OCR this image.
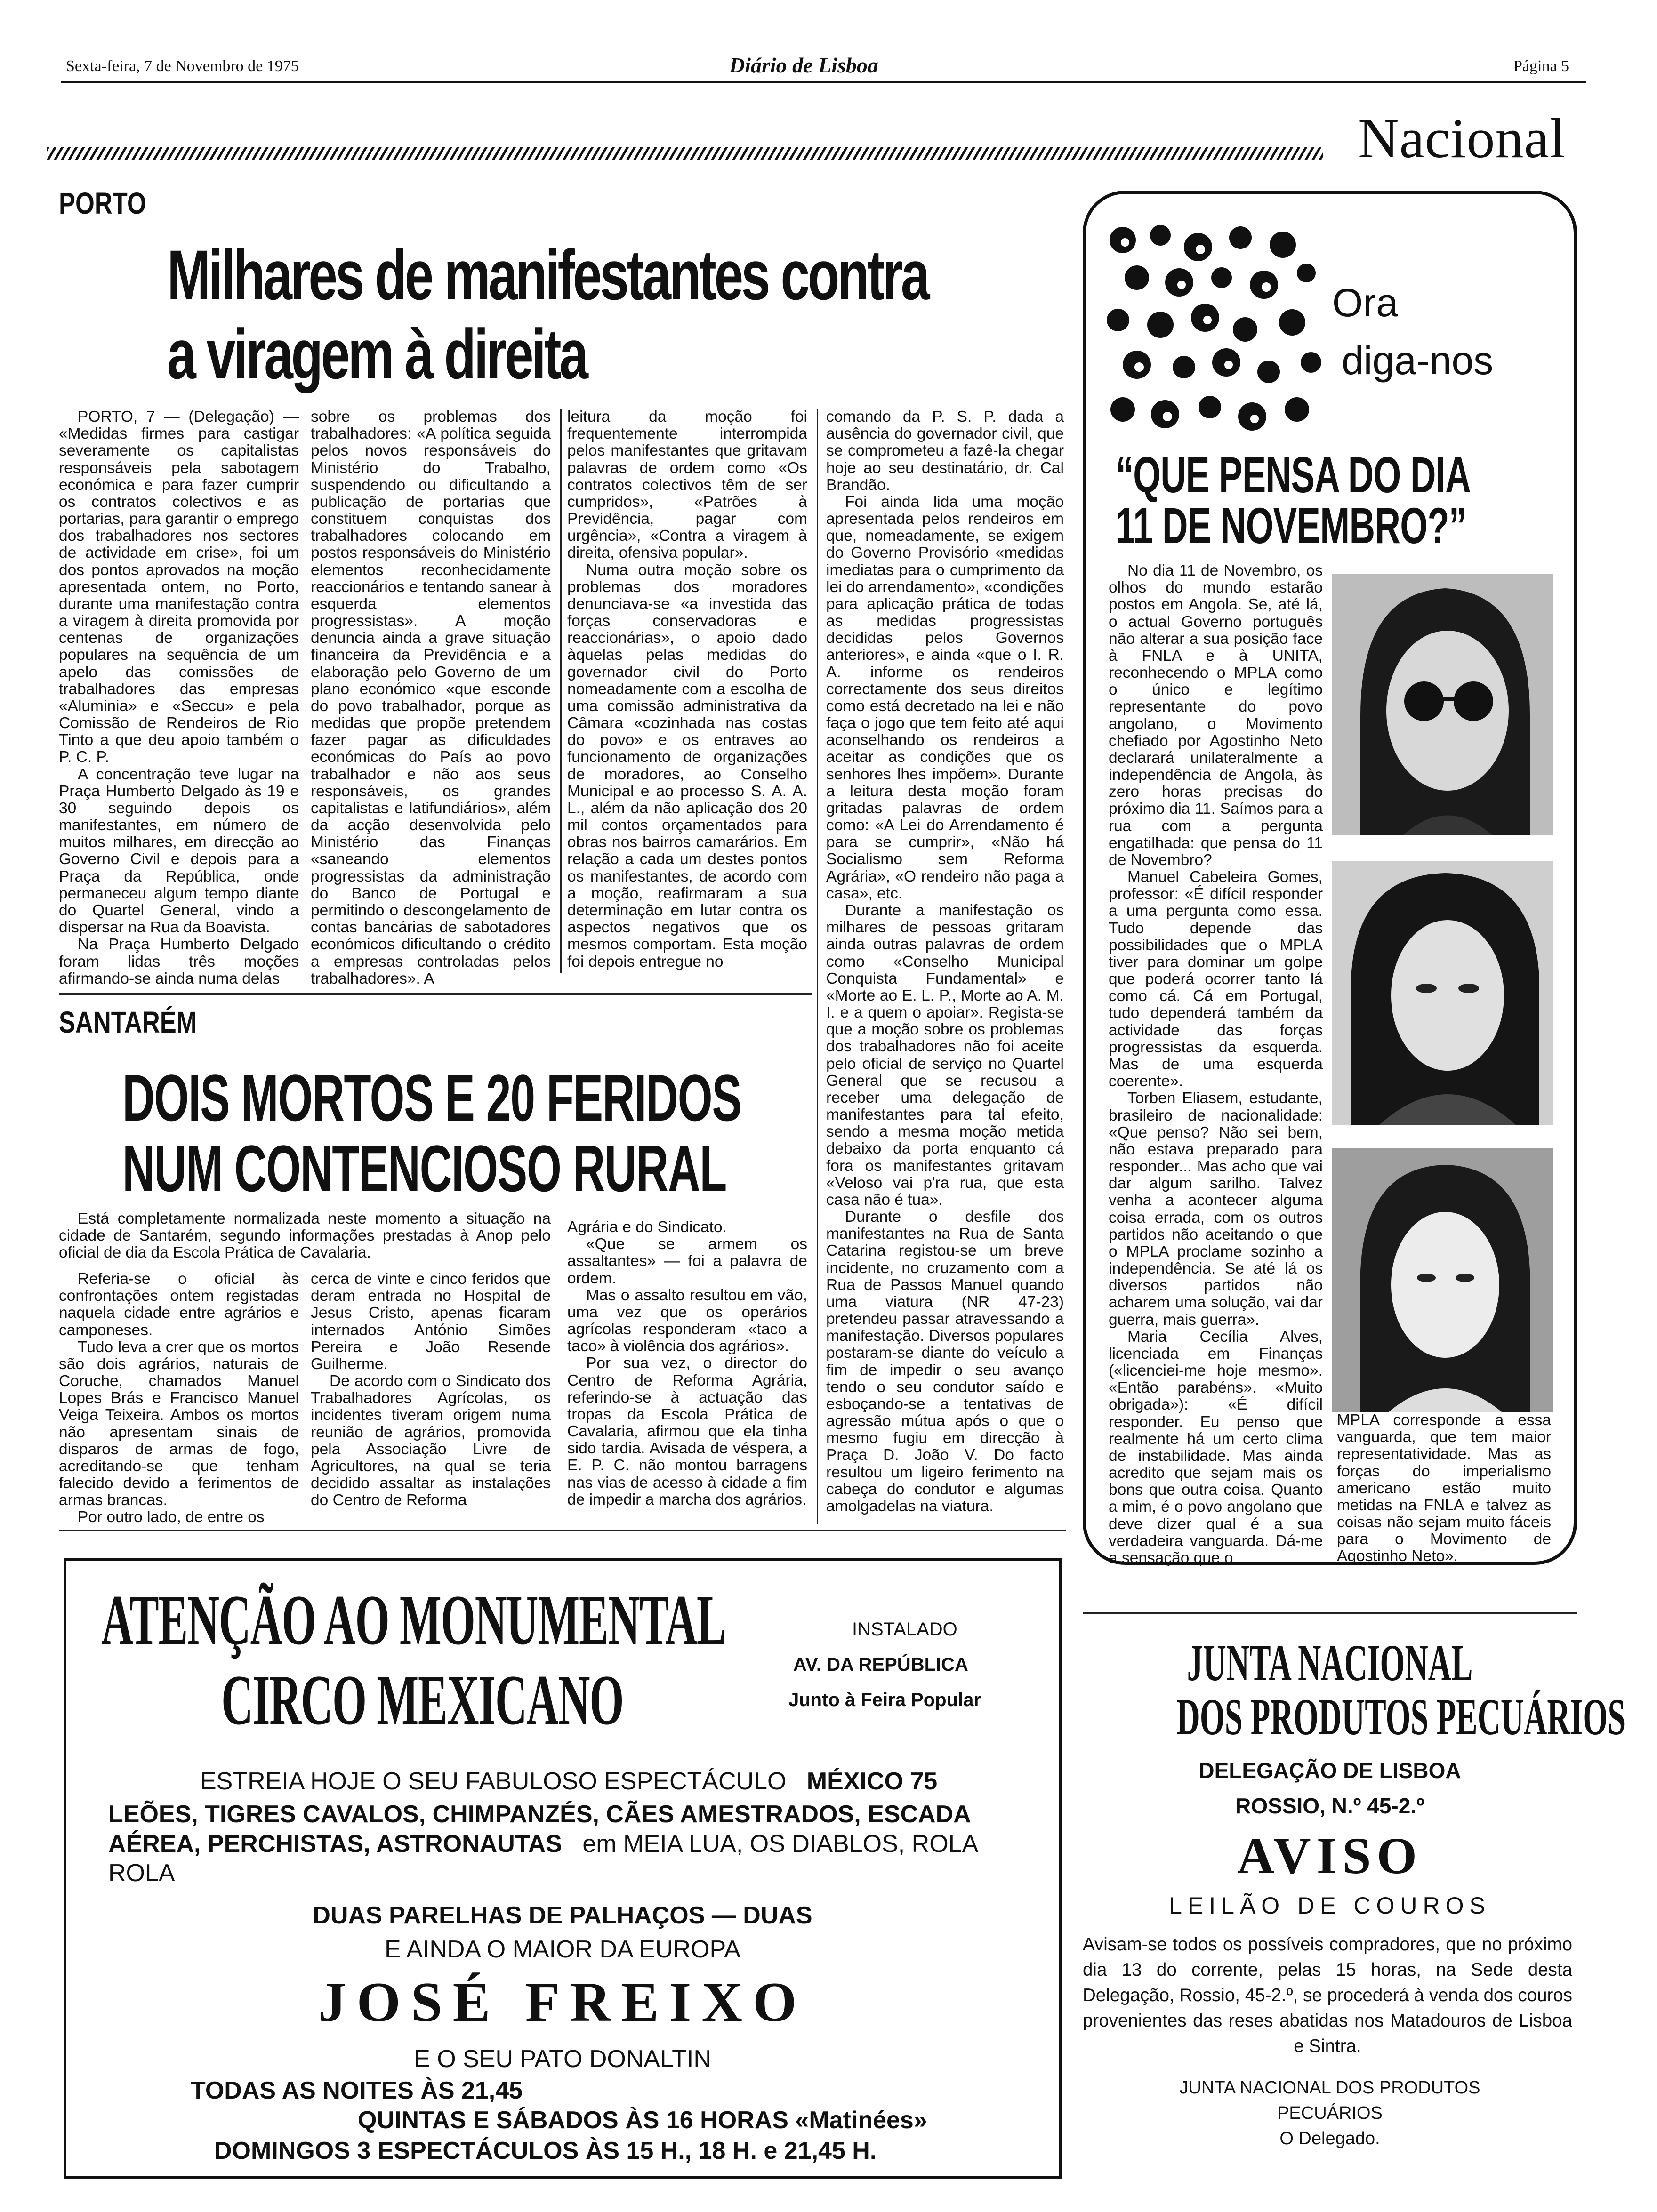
Sexta-feira, 7 de Novembro de 1975	Diário de Lisboa	Página 5
Nacional
PORTO
Milhares de manifestantes contra
a viragem à direita

PORTO, 7 — (Delegação) — «Medidas firmes para castigar severamente os capitalistas responsáveis pela sabotagem económica e para fazer cumprir os contratos colectivos e as portarias, para garantir o emprego dos trabalhadores nos sectores de actividade em crise», foi um dos pontos aprovados na moção apresentada ontem, no Porto, durante uma manifestação contra a viragem à direita promovida por centenas de organizações populares na sequência de um apelo das comissões de trabalhadores das empresas «Aluminia» e «Seccu» e pela Comissão de Rendeiros de Rio Tinto a que deu apoio também o P. C. P.

A concentração teve lugar na Praça Humberto Delgado às 19 e 30 seguindo depois os manifestantes, em número de muitos milhares, em direcção ao Governo Civil e depois para a Praça da República, onde permaneceu algum tempo diante do Quartel General, vindo a dispersar na Rua da Boavista.

Na Praça Humberto Delgado foram lidas três moções afirmando-se ainda numa delas

sobre os problemas dos trabalhadores: «A política seguida pelos novos responsáveis do Ministério do Trabalho, suspendendo ou dificultando a publicação de portarias que constituem conquistas dos trabalhadores colocando em postos responsáveis do Ministério elementos reconhecidamente reaccionários e tentando sanear à esquerda elementos progressistas». A moção denuncia ainda a grave situação financeira da Previdência e a elaboração pelo Governo de um plano económico «que esconde do povo trabalhador, porque as medidas que propõe pretendem fazer pagar as dificuldades económicas do País ao povo trabalhador e não aos seus responsáveis, os grandes capitalistas e latifundiários», além da acção desenvolvida pelo Ministério das Finanças «saneando elementos progressistas da administração do Banco de Portugal e permitindo o descongelamento de contas bancárias de sabotadores económicos dificultando o crédito a empresas controladas pelos trabalhadores». A

leitura da moção foi frequentemente interrompida pelos manifestantes que gritavam palavras de ordem como «Os contratos colectivos têm de ser cumpridos», «Patrões à Previdência, pagar com urgência», «Contra a viragem à direita, ofensiva popular».

Numa outra moção sobre os problemas dos moradores denunciava-se «a investida das forças conservadoras e reaccionárias», o apoio dado àquelas pelas medidas do governador civil do Porto nomeadamente com a escolha de uma comissão administrativa da Câmara «cozinhada nas costas do povo» e os entraves ao funcionamento de organizações de moradores, ao Conselho Municipal e ao processo S. A. A. L., além da não aplicação dos 20 mil contos orçamentados para obras nos bairros camarários. Em relação a cada um destes pontos os manifestantes, de acordo com a moção, reafirmaram a sua determinação em lutar contra os aspectos negativos que os mesmos comportam. Esta moção foi depois entregue no

comando da P. S. P. dada a ausência do governador civil, que se comprometeu a fazê-la chegar hoje ao seu destinatário, dr. Cal Brandão.

Foi ainda lida uma moção apresentada pelos rendeiros em que, nomeadamente, se exigem do Governo Provisório «medidas imediatas para o cumprimento da lei do arrendamento», «condições para aplicação prática de todas as medidas progressistas decididas pelos Governos anteriores», e ainda «que o I. R. A. informe os rendeiros correctamente dos seus direitos como está decretado na lei e não faça o jogo que tem feito até aqui aconselhando os rendeiros a aceitar as condições que os senhores lhes impõem». Durante a leitura desta moção foram gritadas palavras de ordem como: «A Lei do Arrendamento é para se cumprir», «Não há Socialismo sem Reforma Agrária», «O rendeiro não paga a casa», etc.

Durante a manifestação os milhares de pessoas gritaram ainda outras palavras de ordem como «Conselho Municipal Conquista Fundamental» e «Morte ao E. L. P., Morte ao A. M. I. e a quem o apoiar». Regista-se que a moção sobre os problemas dos trabalhadores não foi aceite pelo oficial de serviço no Quartel General que se recusou a receber uma delegação de manifestantes para tal efeito, sendo a mesma moção metida debaixo da porta enquanto cá fora os manifestantes gritavam «Veloso vai p'ra rua, que esta casa não é tua».

Durante o desfile dos manifestantes na Rua de Santa Catarina registou-se um breve incidente, no cruzamento com a Rua de Passos Manuel quando uma viatura (NR 47-23) pretendeu passar atravessando a manifestação. Diversos populares postaram-se diante do veículo a fim de impedir o seu avanço tendo o seu condutor saído e esboçando-se a tentativas de agressão mútua após o que o mesmo fugiu em direcção à Praça D. João V. Do facto resultou um ligeiro ferimento na cabeça do condutor e algumas amolgadelas na viatura.

SANTARÉM
DOIS MORTOS E 20 FERIDOS
NUM CONTENCIOSO RURAL

Está completamente normalizada neste momento a situação na cidade de Santarém, segundo informações prestadas à Anop pelo oficial de dia da Escola Prática de Cavalaria.

Referia-se o oficial às confrontações ontem registadas naquela cidade entre agrários e camponeses.

Tudo leva a crer que os mortos são dois agrários, naturais de Coruche, chamados Manuel Lopes Brás e Francisco Manuel Veiga Teixeira. Ambos os mortos não apresentam sinais de disparos de armas de fogo, acreditando-se que tenham falecido devido a ferimentos de armas brancas.

Por outro lado, de entre os

cerca de vinte e cinco feridos que deram entrada no Hospital de Jesus Cristo, apenas ficaram internados António Simões Pereira e João Resende Guilherme.

De acordo com o Sindicato dos Trabalhadores Agrícolas, os incidentes tiveram origem numa reunião de agrários, promovida pela Associação Livre de Agricultores, na qual se teria decidido assaltar as instalações do Centro de Reforma

Agrária e do Sindicato.

«Que se armem os assaltantes» — foi a palavra de ordem.

Mas o assalto resultou em vão, uma vez que os operários agrícolas responderam «taco a taco» à violência dos agrários».

Por sua vez, o director do Centro de Reforma Agrária, referindo-se à actuação das tropas da Escola Prática de Cavalaria, afirmou que ela tinha sido tardia. Avisada de véspera, a E. P. C. não montou barragens nas vias de acesso à cidade a fim de impedir a marcha dos agrários.

Ora
diga-nos
“QUE PENSA DO DIA 11 DE NOVEMBRO?”

No dia 11 de Novembro, os olhos do mundo estarão postos em Angola. Se, até lá, o actual Governo português não alterar a sua posição face à FNLA e à UNITA, reconhecendo o MPLA como o único e legítimo representante do povo angolano, o Movimento chefiado por Agostinho Neto declarará unilateralmente a independência de Angola, às zero horas precisas do próximo dia 11. Saímos para a rua com a pergunta engatilhada: que pensa do 11 de Novembro?

Manuel Cabeleira Gomes, professor: «É difícil responder a uma pergunta como essa. Tudo depende das possibilidades que o MPLA tiver para dominar um golpe que poderá ocorrer tanto lá como cá. Cá em Portugal, tudo dependerá também da actividade das forças progressistas da esquerda. Mas de uma esquerda coerente».

Torben Eliasem, estudante, brasileiro de nacionalidade: «Que penso? Não sei bem, não estava preparado para responder... Mas acho que vai dar algum sarilho. Talvez venha a acontecer alguma coisa errada, com os outros partidos não aceitando o que o MPLA proclame sozinho a independência. Se até lá os diversos partidos não acharem uma solução, vai dar guerra, mais guerra».

Maria Cecília Alves, licenciada em Finanças («licenciei-me hoje mesmo». «Então parabéns». «Muito obrigada»): «É difícil responder. Eu penso que realmente há um certo clima de instabilidade. Mas ainda acredito que sejam mais os bons que outra coisa. Quanto a mim, é o povo angolano que deve dizer qual é a sua verdadeira vanguarda. Dá-me a sensação que o

MPLA corresponde a essa vanguarda, que tem maior representatividade. Mas as forças do imperialismo americano estão muito metidas na FNLA e talvez as coisas não sejam muito fáceis para o Movimento de Agostinho Neto».

ATENÇÃO AO MONUMENTAL
CIRCO MEXICANO
INSTALADO
AV. DA REPÚBLICA
Junto à Feira Popular
ESTREIA HOJE O SEU FABULOSO ESPECTÁCULO MÉXICO 75
LEÕES, TIGRES CAVALOS, CHIMPANZÉS, CÃES AMESTRADOS, ESCADA
AÉREA, PERCHISTAS, ASTRONAUTAS em MEIA LUA, OS DIABLOS, ROLA
ROLA
DUAS PARELHAS DE PALHAÇOS — DUAS
E AINDA O MAIOR DA EUROPA
JOSÉ FREIXO
E O SEU PATO DONALTIN
TODAS AS NOITES ÀS 21,45
QUINTAS E SÁBADOS ÀS 16 HORAS «Matinées»
DOMINGOS 3 ESPECTÁCULOS ÀS 15 H., 18 H. e 21,45 H.
JUNTA NACIONAL
DOS PRODUTOS PECUÁRIOS
DELEGAÇÃO DE LISBOA
ROSSIO, N.º 45-2.º
AVISO
LEILÃO DE COUROS
Avisam-se todos os possíveis compradores, que no próximo dia 13 do corrente, pelas 15 horas, na Sede desta Delegação, Rossio, 45-2.º, se procederá à venda dos couros provenientes das reses abatidas nos Matadouros de Lisboa e Sintra.
JUNTA NACIONAL DOS PRODUTOS
PECUÁRIOS
O Delegado.
